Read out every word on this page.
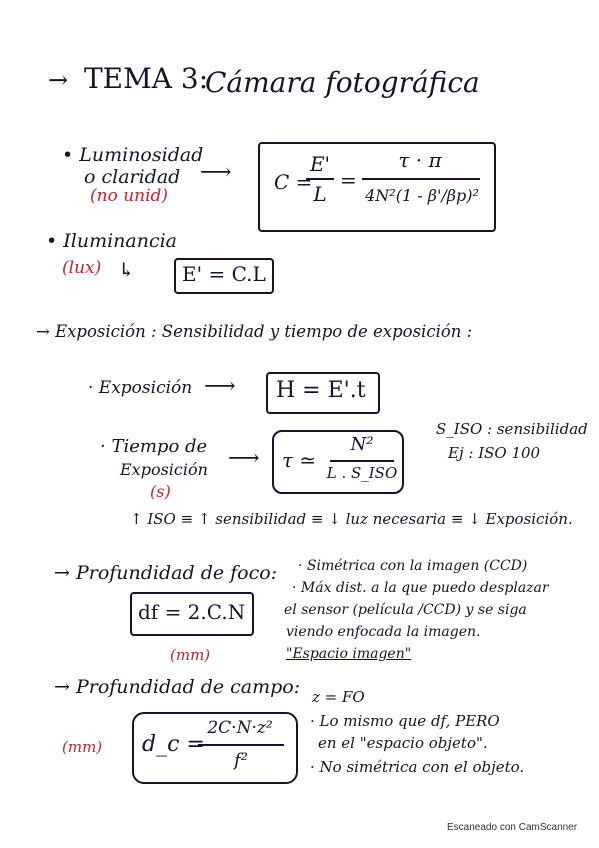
→ TEMA 3:
Cámara fotográfica
• Luminosidad
o claridad
(no unid)
⟶ C =
E'
L
=
τ · π
4N²(1 - β'/βp)²
• Iluminancia
(lux) ↳ E' = C.L
→ Exposición : Sensibilidad y tiempo de exposición :
· Exposición ⟶ H = E'.t
· Tiempo de
Exposición
(s)
⟶ τ ≃
N²
L . S_ISO
S_ISO : sensibilidad
Ej : ISO 100
↑ ISO ≡ ↑ sensibilidad ≡ ↓ luz necesaria ≡ ↓ Exposición.
→ Profundidad de foco:
df = 2.C.N
(mm)
· Simétrica con la imagen (CCD)
· Máx dist. a la que puedo desplazar
el sensor (película /CCD) y se siga
viendo enfocada la imagen.
"Espacio imagen"
→ Profundidad de campo:
(mm) d_c =
2C·N·z²
f²
z = FO
· Lo mismo que df, PERO
en el "espacio objeto".
· No simétrica con el objeto.
Escaneado con CamScanner
